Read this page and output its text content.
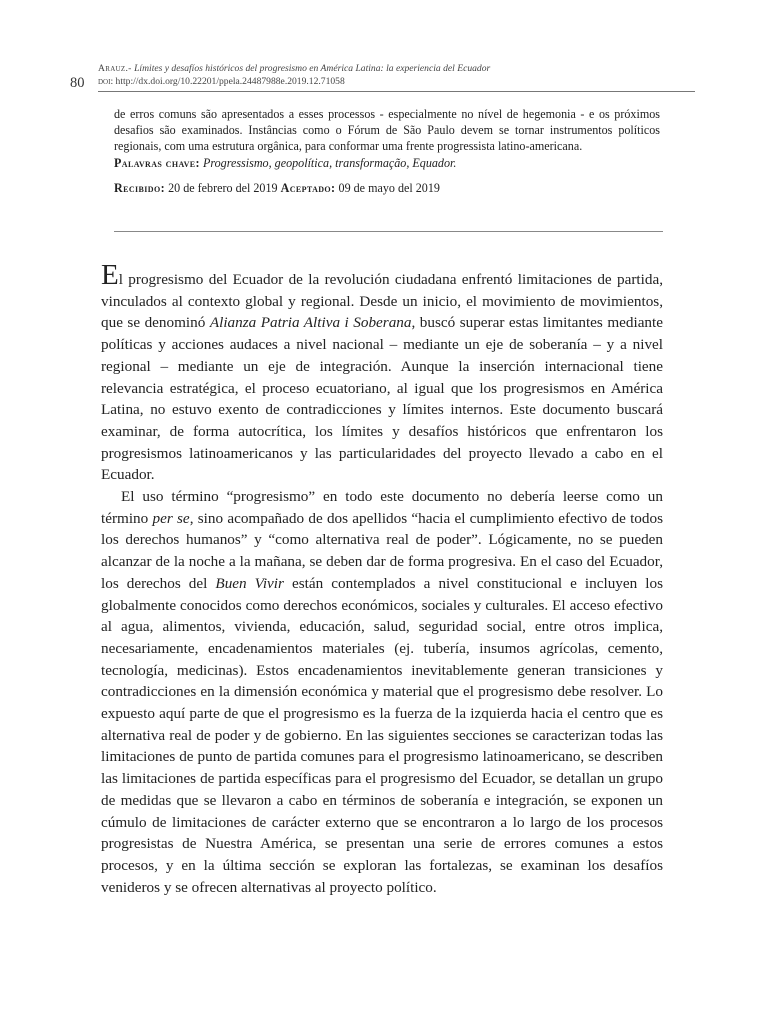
80
Arauz.- Límites y desafíos históricos del progresismo en América Latina: la experiencia del Ecuador
doi: http://dx.doi.org/10.22201/ppela.24487988e.2019.12.71058

de erros comuns são apresentados a esses processos - especialmente no nível de hegemonia - e os próximos desafios são examinados. Instâncias como o Fórum de São Paulo devem se tornar instrumentos políticos regionais, com uma estrutura orgânica, para conformar uma frente progressista latino-americana.

Palavras chave: Progressismo, geopolítica, transformação, Equador.

Recibido: 20 de febrero del 2019 Aceptado: 09 de mayo del 2019

El progresismo del Ecuador de la revolución ciudadana enfrentó limitaciones de partida, vinculados al contexto global y regional. Desde un inicio, el movimiento de movimientos, que se denominó Alianza Patria Altiva i Soberana, buscó superar estas limitantes mediante políticas y acciones audaces a nivel nacional – mediante un eje de soberanía – y a nivel regional – mediante un eje de integración. Aunque la inserción internacional tiene relevancia estratégica, el proceso ecuatoriano, al igual que los progresismos en América Latina, no estuvo exento de contradicciones y límites internos. Este documento buscará examinar, de forma autocrítica, los límites y desafíos históricos que enfrentaron los progresismos latinoamericanos y las particularidades del proyecto llevado a cabo en el Ecuador.

El uso término “progresismo” en todo este documento no debería leerse como un término per se, sino acompañado de dos apellidos “hacia el cumplimiento efectivo de todos los derechos humanos” y “como alternativa real de poder”. Lógicamente, no se pueden alcanzar de la noche a la mañana, se deben dar de forma progresiva. En el caso del Ecuador, los derechos del Buen Vivir están contemplados a nivel constitucional e incluyen los globalmente conocidos como derechos económicos, sociales y culturales. El acceso efectivo al agua, alimentos, vivienda, educación, salud, seguridad social, entre otros implica, necesariamente, encadenamientos materiales (ej. tubería, insumos agrícolas, cemento, tecnología, medicinas). Estos encadenamientos inevitablemente generan transiciones y contradicciones en la dimensión económica y material que el progresismo debe resolver. Lo expuesto aquí parte de que el progresismo es la fuerza de la izquierda hacia el centro que es alternativa real de poder y de gobierno. En las siguientes secciones se caracterizan todas las limitaciones de punto de partida comunes para el progresismo latinoamericano, se describen las limitaciones de partida específicas para el progresismo del Ecuador, se detallan un grupo de medidas que se llevaron a cabo en términos de soberanía e integración, se exponen un cúmulo de limitaciones de carácter externo que se encontraron a lo largo de los procesos progresistas de Nuestra América, se presentan una serie de errores comunes a estos procesos, y en la última sección se exploran las fortalezas, se examinan los desafíos venideros y se ofrecen alternativas al proyecto político.
